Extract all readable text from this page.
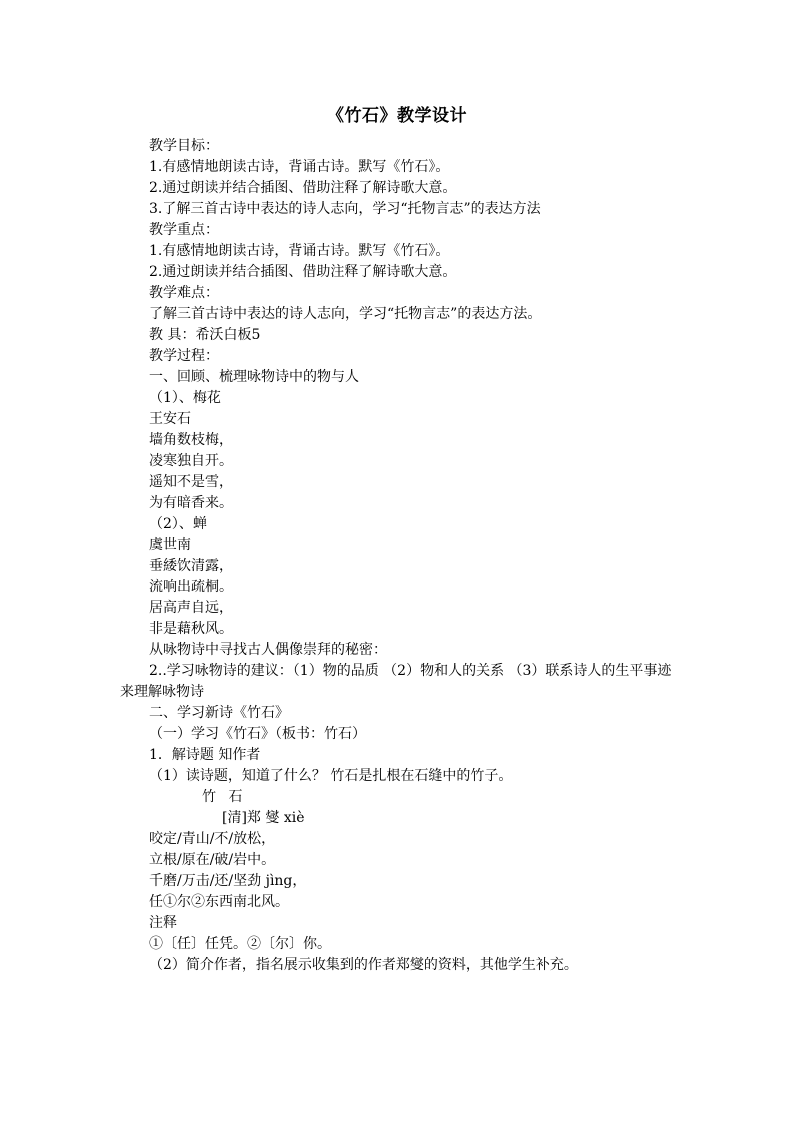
《竹石》教学设计
教学目标：
1.有感情地朗读古诗，背诵古诗。默写《竹石》。
2.通过朗读并结合插图、借助注释了解诗歌大意。
3.了解三首古诗中表达的诗人志向，学习“托物言志”的表达方法
教学重点：
1.有感情地朗读古诗，背诵古诗。默写《竹石》。
2.通过朗读并结合插图、借助注释了解诗歌大意。
教学难点：
了解三首古诗中表达的诗人志向，学习“托物言志”的表达方法。
教 具：希沃白板5
教学过程：
一、回顾、梳理咏物诗中的物与人
（1）、梅花
王安石
墙角数枝梅，
凌寒独自开。
遥知不是雪，
为有暗香来。
（2）、蝉
虞世南
垂緌饮清露，
流响出疏桐。
居高声自远，
非是藉秋风。
从咏物诗中寻找古人偶像崇拜的秘密：
2..学习咏物诗的建议：（1）物的品质 （2）物和人的关系 （3）联系诗人的生平事迹来理解咏物诗
二、学习新诗《竹石》
（一）学习《竹石》（板书：竹石）
1．解诗题 知作者
（1）读诗题，知道了什么？ 竹石是扎根在石缝中的竹子。
竹 石
[清]郑 燮 xiè
咬定/青山/不/放松，
立根/原在/破/岩中。
千磨/万击/还/坚劲 jìng，
任①尔②东西南北风。
注释
①〔任〕任凭。②〔尔〕你。
（2）简介作者，指名展示收集到的作者郑燮的资料，其他学生补充。
